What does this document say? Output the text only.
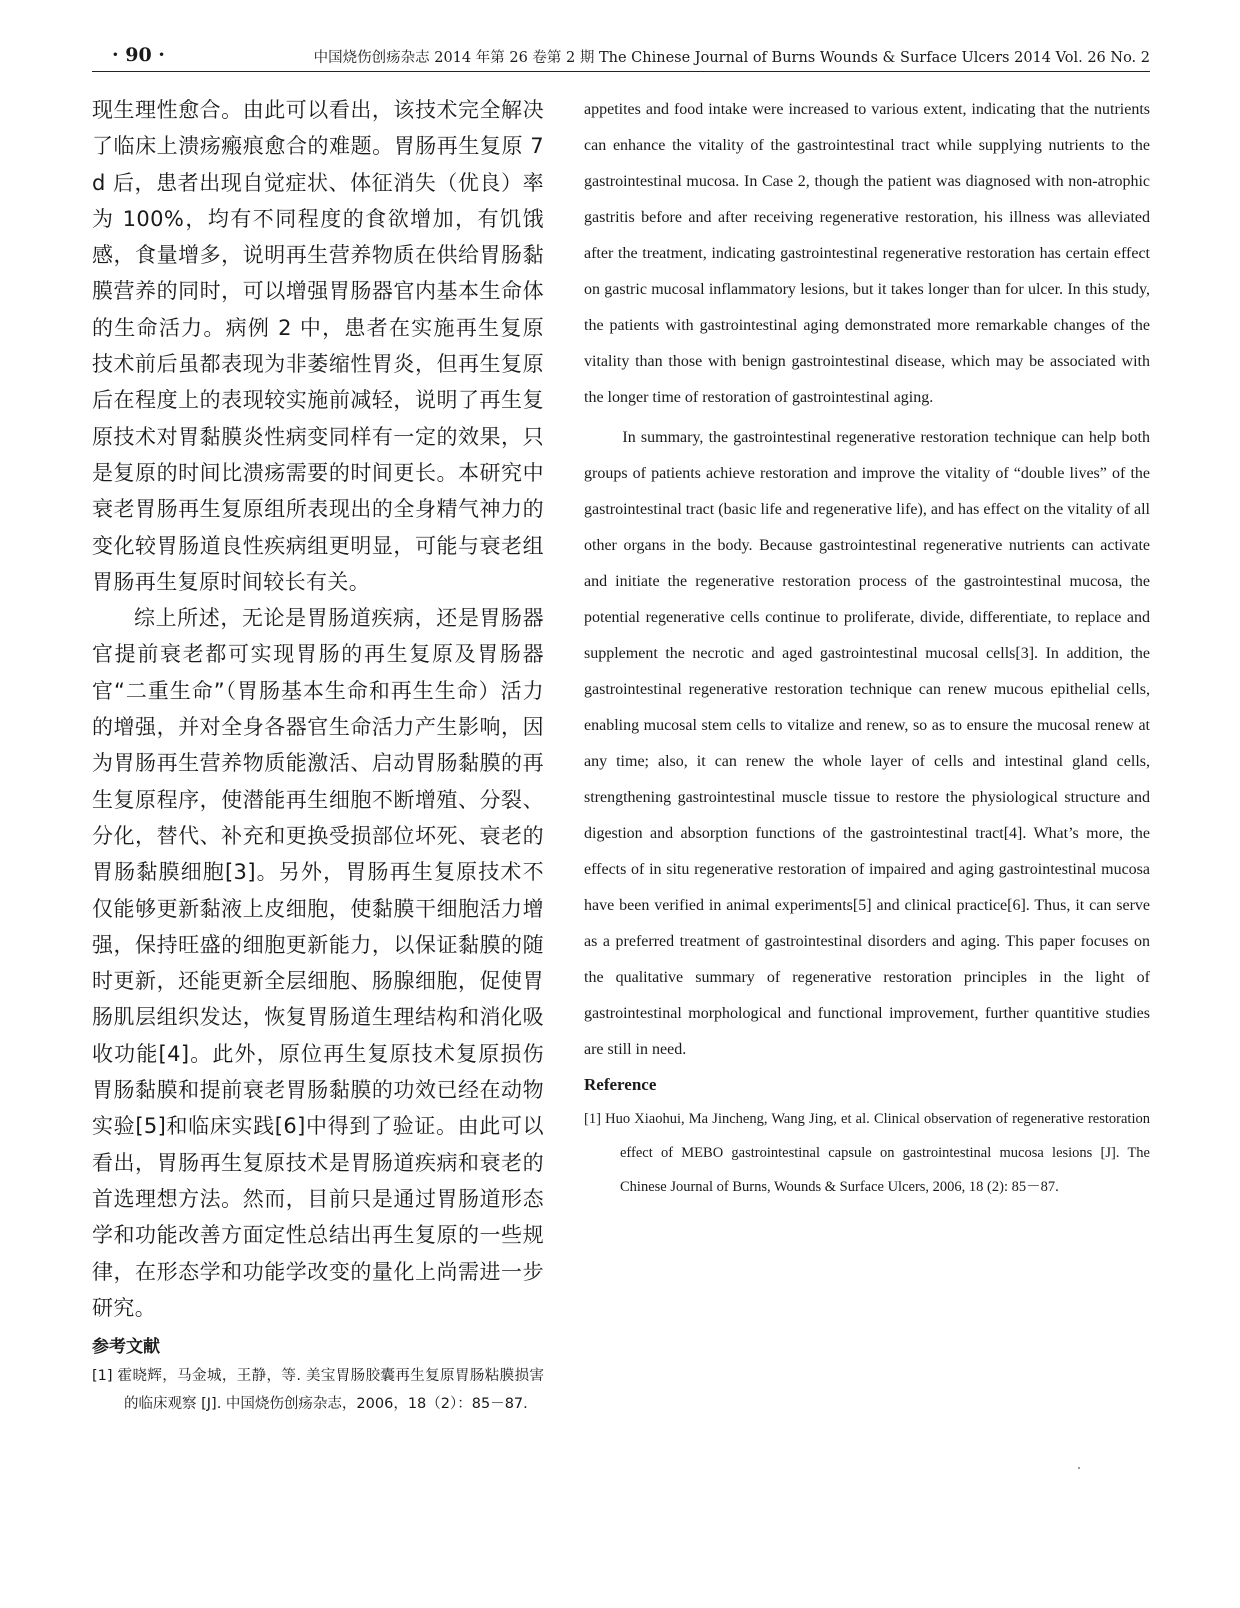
· 90 ·	中国烧伤创疡杂志 2014 年第 26 卷第 2 期 The Chinese Journal of Burns Wounds & Surface Ulcers 2014 Vol. 26 No. 2

现生理性愈合。由此可以看出，该技术完全解决了临床上溃疡瘢痕愈合的难题。胃肠再生复原 7 d 后，患者出现自觉症状、体征消失（优良）率为 100%，均有不同程度的食欲增加，有饥饿感，食量增多，说明再生营养物质在供给胃肠黏膜营养的同时，可以增强胃肠器官内基本生命体的生命活力。病例 2 中，患者在实施再生复原技术前后虽都表现为非萎缩性胃炎，但再生复原后在程度上的表现较实施前减轻，说明了再生复原技术对胃黏膜炎性病变同样有一定的效果，只是复原的时间比溃疡需要的时间更长。本研究中衰老胃肠再生复原组所表现出的全身精气神力的变化较胃肠道良性疾病组更明显，可能与衰老组胃肠再生复原时间较长有关。

综上所述，无论是胃肠道疾病，还是胃肠器官提前衰老都可实现胃肠的再生复原及胃肠器官“二重生命”（胃肠基本生命和再生生命）活力的增强，并对全身各器官生命活力产生影响，因为胃肠再生营养物质能激活、启动胃肠黏膜的再生复原程序，使潜能再生细胞不断增殖、分裂、分化，替代、补充和更换受损部位坏死、衰老的胃肠黏膜细胞[3]。另外，胃肠再生复原技术不仅能够更新黏液上皮细胞，使黏膜干细胞活力增强，保持旺盛的细胞更新能力，以保证黏膜的随时更新，还能更新全层细胞、肠腺细胞，促使胃肠肌层组织发达，恢复胃肠道生理结构和消化吸收功能[4]。此外，原位再生复原技术复原损伤胃肠黏膜和提前衰老胃肠黏膜的功效已经在动物实验[5]和临床实践[6]中得到了验证。由此可以看出，胃肠再生复原技术是胃肠道疾病和衰老的首选理想方法。然而，目前只是通过胃肠道形态学和功能改善方面定性总结出再生复原的一些规律，在形态学和功能学改变的量化上尚需进一步研究。

参考文献

[1] 霍晓辉，马金城，王静，等. 美宝胃肠胶囊再生复原胃肠粘膜损害的临床观察 [J]. 中国烧伤创疡杂志，2006，18（2）：85－87.

appetites and food intake were increased to various extent, indicating that the nutrients can enhance the vitality of the gastrointestinal tract while supplying nutrients to the gastrointestinal mucosa. In Case 2, though the patient was diagnosed with non-atrophic gastritis before and after receiving regenerative restoration, his illness was alleviated after the treatment, indicating gastrointestinal regenerative restoration has certain effect on gastric mucosal inflammatory lesions, but it takes longer than for ulcer. In this study, the patients with gastrointestinal aging demonstrated more remarkable changes of the vitality than those with benign gastrointestinal disease, which may be associated with the longer time of restoration of gastrointestinal aging.

In summary, the gastrointestinal regenerative restoration technique can help both groups of patients achieve restoration and improve the vitality of “double lives” of the gastrointestinal tract (basic life and regenerative life), and has effect on the vitality of all other organs in the body. Because gastrointestinal regenerative nutrients can activate and initiate the regenerative restoration process of the gastrointestinal mucosa, the potential regenerative cells continue to proliferate, divide, differentiate, to replace and supplement the necrotic and aged gastrointestinal mucosal cells[3]. In addition, the gastrointestinal regenerative restoration technique can renew mucous epithelial cells, enabling mucosal stem cells to vitalize and renew, so as to ensure the mucosal renew at any time; also, it can renew the whole layer of cells and intestinal gland cells, strengthening gastrointestinal muscle tissue to restore the physiological structure and digestion and absorption functions of the gastrointestinal tract[4]. What’s more, the effects of in situ regenerative restoration of impaired and aging gastrointestinal mucosa have been verified in animal experiments[5] and clinical practice[6]. Thus, it can serve as a preferred treatment of gastrointestinal disorders and aging. This paper focuses on the qualitative summary of regenerative restoration principles in the light of gastrointestinal morphological and functional improvement, further quantitive studies are still in need.

Reference

[1] Huo Xiaohui, Ma Jincheng, Wang Jing, et al. Clinical observation of regenerative restoration effect of MEBO gastrointestinal capsule on gastrointestinal mucosa lesions [J]. The Chinese Journal of Burns, Wounds & Surface Ulcers, 2006, 18 (2): 85－87.
